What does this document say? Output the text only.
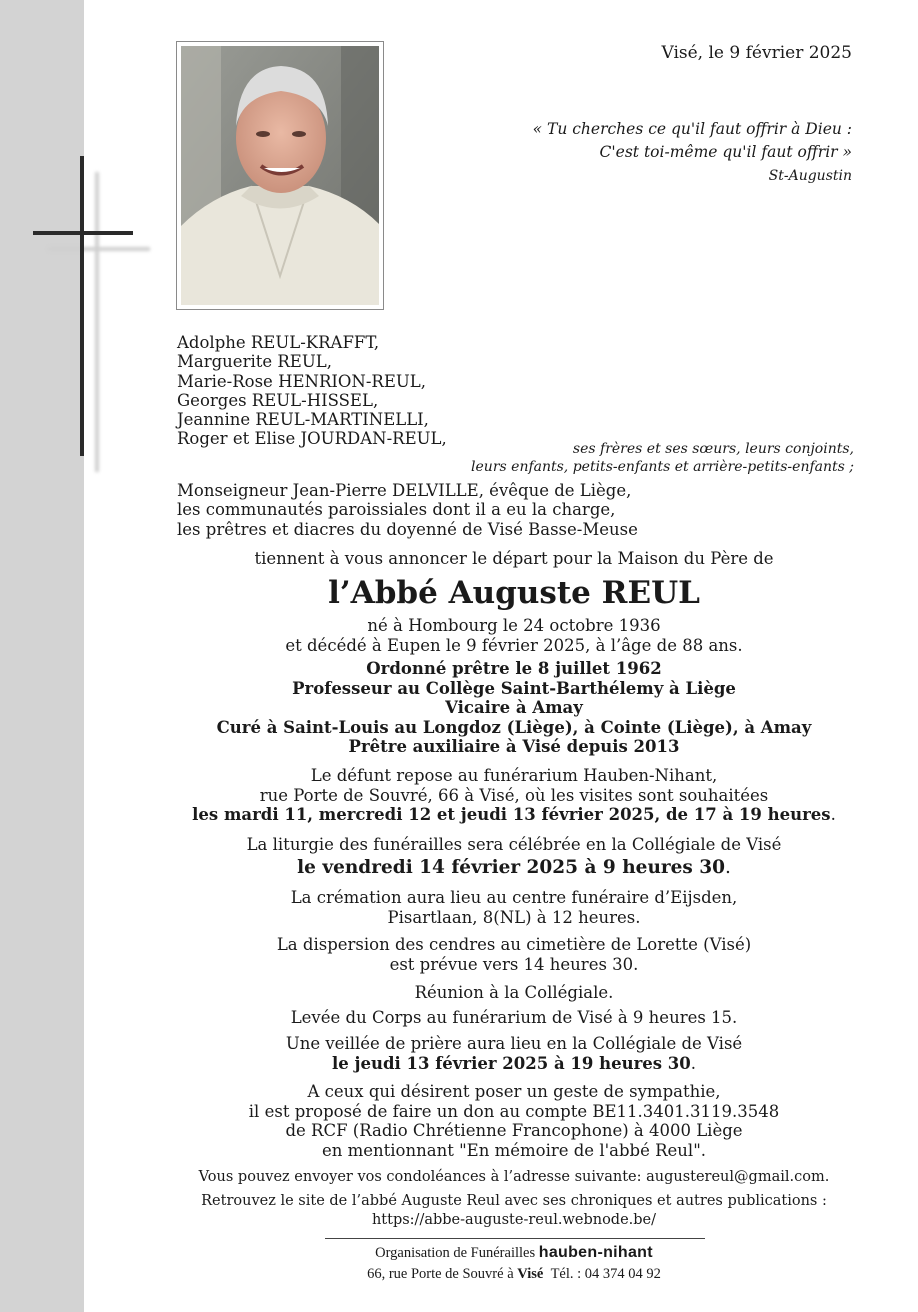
Visé, le 9 février 2025
« Tu cherches ce qu'il faut offrir à Dieu :
C'est toi-même qu'il faut offrir »
St-Augustin
Adolphe REUL-KRAFFT,
Marguerite REUL,
Marie-Rose HENRION-REUL,
Georges REUL-HISSEL,
Jeannine REUL-MARTINELLI,
Roger et Elise JOURDAN-REUL,
ses frères et ses sœurs, leurs conjoints,
leurs enfants, petits-enfants et arrière-petits-enfants ;
Monseigneur Jean-Pierre DELVILLE, évêque de Liège,
les communautés paroissiales dont il a eu la charge,
les prêtres et diacres du doyenné de Visé Basse-Meuse
tiennent à vous annoncer le départ pour la Maison du Père de
l’Abbé Auguste REUL
né à Hombourg le 24 octobre 1936
et décédé à Eupen le 9 février 2025, à l’âge de 88 ans.
Ordonné prêtre le 8 juillet 1962
Professeur au Collège Saint-Barthélemy à Liège
Vicaire à Amay
Curé à Saint-Louis au Longdoz (Liège), à Cointe (Liège), à Amay
Prêtre auxiliaire à Visé depuis 2013
Le défunt repose au funérarium Hauben-Nihant,
rue Porte de Souvré, 66 à Visé, où les visites sont souhaitées
les mardi 11, mercredi 12 et jeudi 13 février 2025, de 17 à 19 heures.
La liturgie des funérailles sera célébrée en la Collégiale de Visé
le vendredi 14 février 2025 à 9 heures 30.
La crémation aura lieu au centre funéraire d’Eijsden,
Pisartlaan, 8(NL) à 12 heures.
La dispersion des cendres au cimetière de Lorette (Visé)
est prévue vers 14 heures 30.
Réunion à la Collégiale.
Levée du Corps au funérarium de Visé à 9 heures 15.
Une veillée de prière aura lieu en la Collégiale de Visé
le jeudi 13 février 2025 à 19 heures 30.
A ceux qui désirent poser un geste de sympathie,
il est proposé de faire un don au compte BE11.3401.3119.3548
de RCF (Radio Chrétienne Francophone) à 4000 Liège
en mentionnant "En mémoire de l'abbé Reul".
Vous pouvez envoyer vos condoléances à l’adresse suivante: augustereul@gmail.com.
Retrouvez le site de l’abbé Auguste Reul avec ses chroniques et autres publications :
https://abbe-auguste-reul.webnode.be/
Organisation de Funérailles hauben-nihant
66, rue Porte de Souvré à Visé Tél. : 04 374 04 92
